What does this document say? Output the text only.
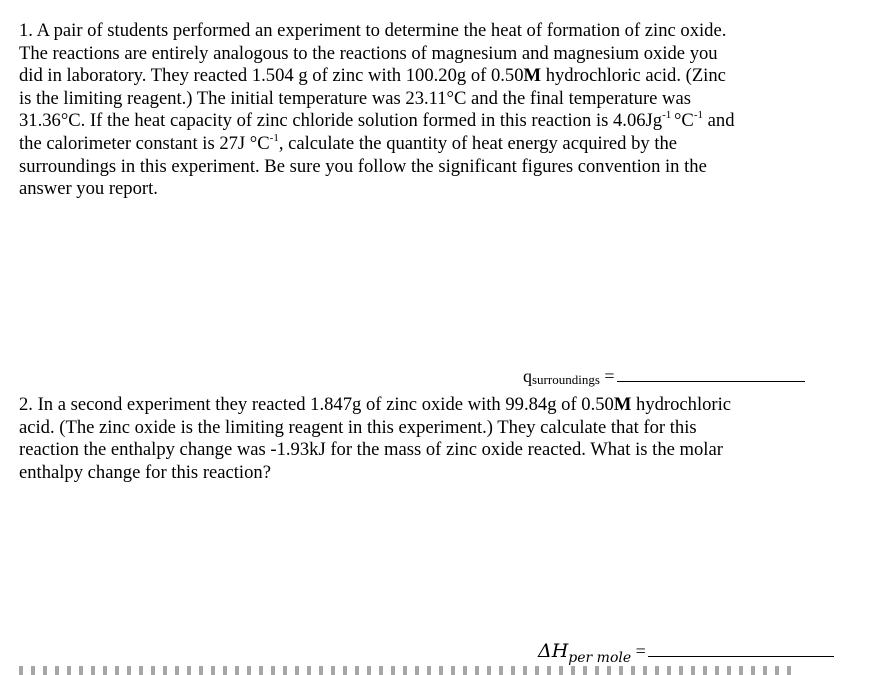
1. A pair of students performed an experiment to determine the heat of formation of zinc oxide.
The reactions are entirely analogous to the reactions of magnesium and magnesium oxide you
did in laboratory. They reacted 1.504 g of zinc with 100.20g of 0.50M hydrochloric acid. (Zinc
is the limiting reagent.) The initial temperature was 23.11°C and the final temperature was
31.36°C. If the heat capacity of zinc chloride solution formed in this reaction is $4.06Jg^{-1}$ $^\circ C^{-1}$ and
the calorimeter constant is 27J $^\circ C^{-1}$, calculate the quantity of heat energy acquired by the
surroundings in this experiment. Be sure you follow the significant figures convention in the
answer you report.

qsurroundings =

2. In a second experiment they reacted 1.847g of zinc oxide with 99.84g of 0.50M hydrochloric
acid. (The zinc oxide is the limiting reagent in this experiment.) They calculate that for this
reaction the enthalpy change was -1.93kJ for the mass of zinc oxide reacted. What is the molar
enthalpy change for this reaction?

$\Delta H_{per mole}$ =
